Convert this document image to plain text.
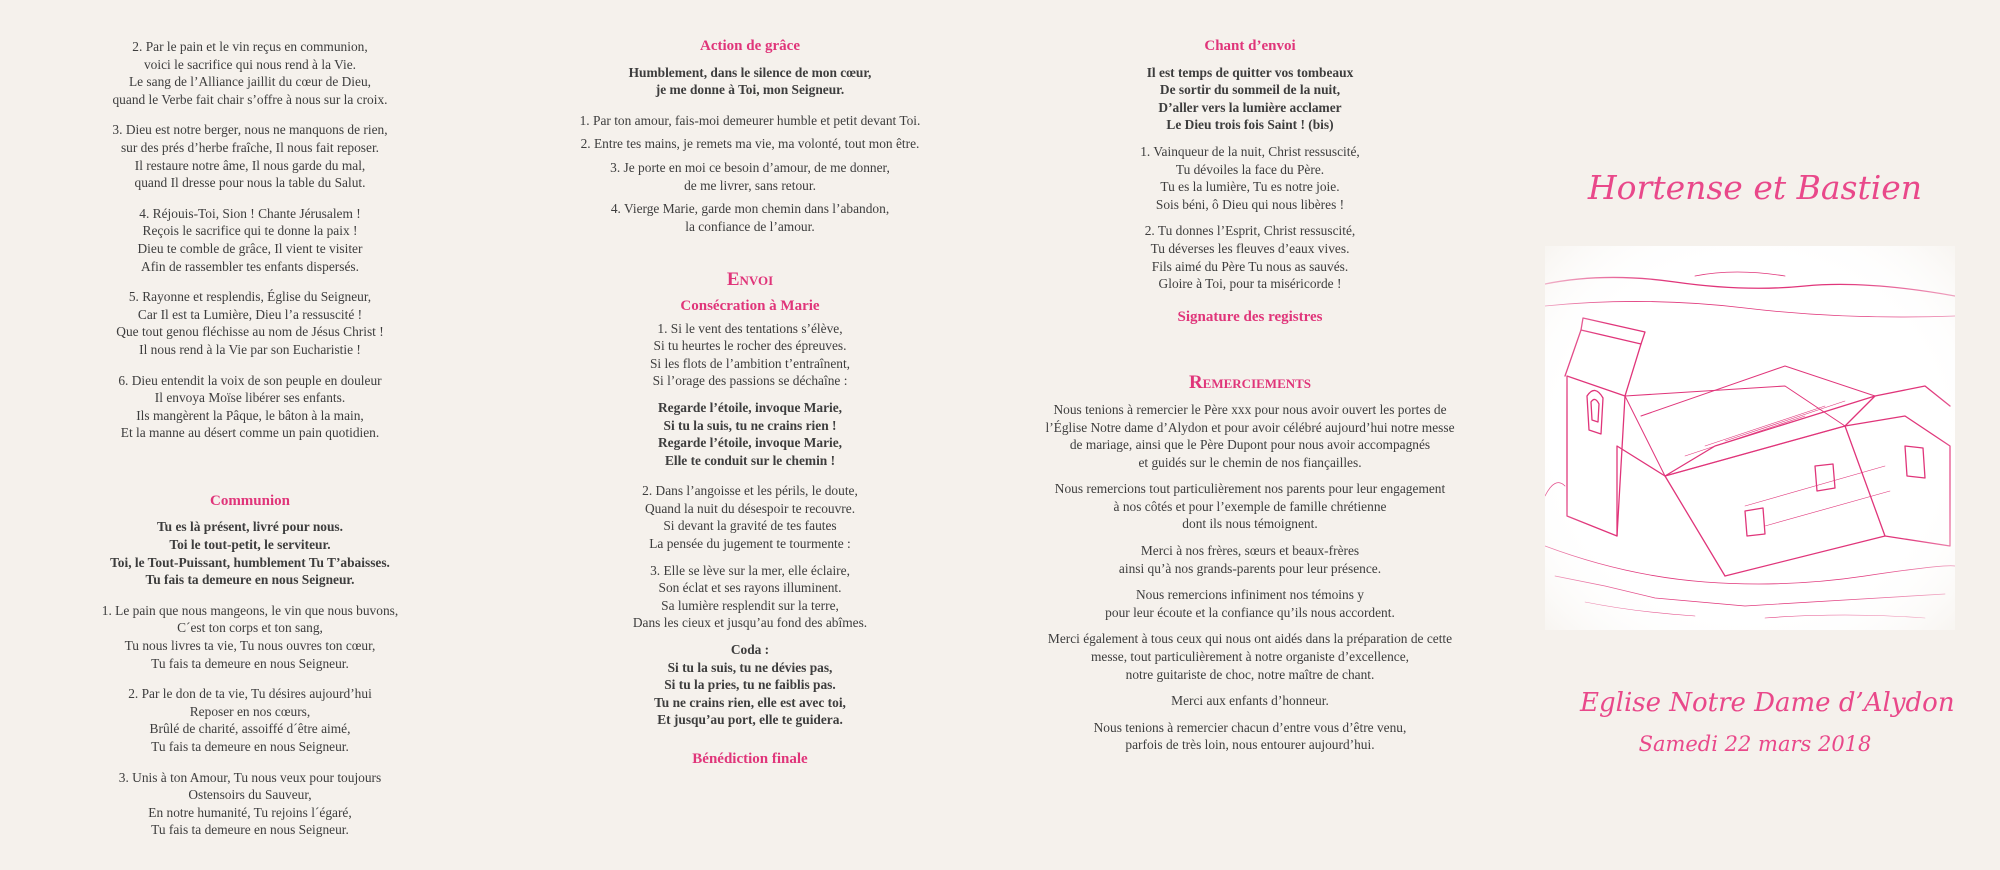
2. Par le pain et le vin reçus en communion,
voici le sacrifice qui nous rend à la Vie.
Le sang de l’Alliance jaillit du cœur de Dieu,
quand le Verbe fait chair s’offre à nous sur la croix.

3. Dieu est notre berger, nous ne manquons de rien,
sur des prés d’herbe fraîche, Il nous fait reposer.
Il restaure notre âme, Il nous garde du mal,
quand Il dresse pour nous la table du Salut.

4. Réjouis-Toi, Sion ! Chante Jérusalem !
Reçois le sacrifice qui te donne la paix !
Dieu te comble de grâce, Il vient te visiter
Afin de rassembler tes enfants dispersés.

5. Rayonne et resplendis, Église du Seigneur,
Car Il est ta Lumière, Dieu l’a ressuscité !
Que tout genou fléchisse au nom de Jésus Christ !
Il nous rend à la Vie par son Eucharistie !

6. Dieu entendit la voix de son peuple en douleur
Il envoya Moïse libérer ses enfants.
Ils mangèrent la Pâque, le bâton à la main,
Et la manne au désert comme un pain quotidien.

Communion

Tu es là présent, livré pour nous.
Toi le tout-petit, le serviteur.
Toi, le Tout-Puissant, humblement Tu T’abaisses.
Tu fais ta demeure en nous Seigneur.

1. Le pain que nous mangeons, le vin que nous buvons,
C´est ton corps et ton sang,
Tu nous livres ta vie, Tu nous ouvres ton cœur,
Tu fais ta demeure en nous Seigneur.

2. Par le don de ta vie, Tu désires aujourd’hui
Reposer en nos cœurs,
Brûlé de charité, assoiffé d´être aimé,
Tu fais ta demeure en nous Seigneur.

3. Unis à ton Amour, Tu nous veux pour toujours
Ostensoirs du Sauveur,
En notre humanité, Tu rejoins l´égaré,
Tu fais ta demeure en nous Seigneur.

Action de grâce

Humblement, dans le silence de mon cœur,
je me donne à Toi, mon Seigneur.

1. Par ton amour, fais-moi demeurer humble et petit devant Toi.

2. Entre tes mains, je remets ma vie, ma volonté, tout mon être.

3. Je porte en moi ce besoin d’amour, de me donner,
de me livrer, sans retour.

4. Vierge Marie, garde mon chemin dans l’abandon,
la confiance de l’amour.

Envoi
Consécration à Marie

1. Si le vent des tentations s’élève,
Si tu heurtes le rocher des épreuves.
Si les flots de l’ambition t’entraînent,
Si l’orage des passions se déchaîne :

Regarde l’étoile, invoque Marie,
Si tu la suis, tu ne crains rien !
Regarde l’étoile, invoque Marie,
Elle te conduit sur le chemin !

2. Dans l’angoisse et les périls, le doute,
Quand la nuit du désespoir te recouvre.
Si devant la gravité de tes fautes
La pensée du jugement te tourmente :

3. Elle se lève sur la mer, elle éclaire,
Son éclat et ses rayons illuminent.
Sa lumière resplendit sur la terre,
Dans les cieux et jusqu’au fond des abîmes.

Coda :
Si tu la suis, tu ne dévies pas,
Si tu la pries, tu ne faiblis pas.
Tu ne crains rien, elle est avec toi,
Et jusqu’au port, elle te guidera.

Bénédiction finale
Chant d’envoi

Il est temps de quitter vos tombeaux
De sortir du sommeil de la nuit,
D’aller vers la lumière acclamer
Le Dieu trois fois Saint ! (bis)

1. Vainqueur de la nuit, Christ ressuscité,
Tu dévoiles la face du Père.
Tu es la lumière, Tu es notre joie.
Sois béni, ô Dieu qui nous libères !

2. Tu donnes l’Esprit, Christ ressuscité,
Tu déverses les fleuves d’eaux vives.
Fils aimé du Père Tu nous as sauvés.
Gloire à Toi, pour ta miséricorde !

Signature des registres
Remerciements

Nous tenions à remercier le Père xxx pour nous avoir ouvert les portes de
l’Église Notre dame d’Alydon et pour avoir célébré aujourd’hui notre messe
de mariage, ainsi que le Père Dupont pour nous avoir accompagnés
et guidés sur le chemin de nos fiançailles.

Nous remercions tout particulièrement nos parents pour leur engagement
à nos côtés et pour l’exemple de famille chrétienne
dont ils nous témoignent.

Merci à nos frères, sœurs et beaux-frères
ainsi qu’à nos grands-parents pour leur présence.

Nous remercions infiniment nos témoins y
pour leur écoute et la confiance qu’ils nous accordent.

Merci également à tous ceux qui nous ont aidés dans la préparation de cette
messe, tout particulièrement à notre organiste d’excellence,
notre guitariste de choc, notre maître de chant.

Merci aux enfants d’honneur.

Nous tenions à remercier chacun d’entre vous d’être venu,
parfois de très loin, nous entourer aujourd’hui.

Hortense et Bastien
Eglise Notre Dame d’Alydon
Samedi 22 mars 2018
